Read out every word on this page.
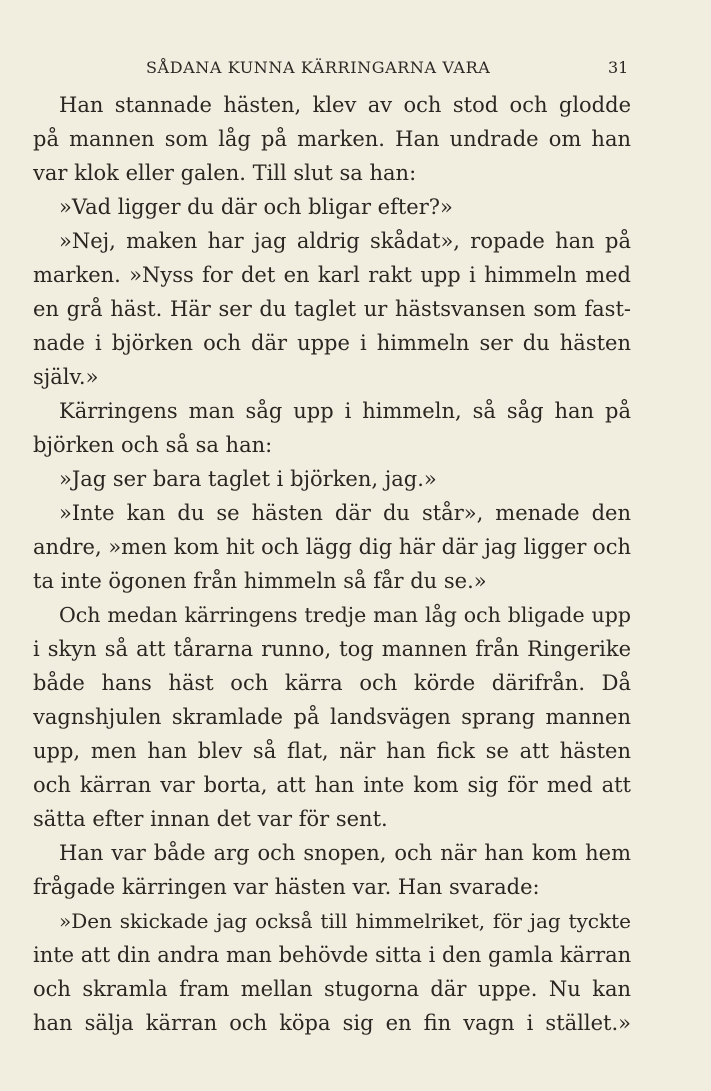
SÅDANA KUNNA KÄRRINGARNA VARA	31
Han stannade hästen, klev av och stod och glodde
på mannen som låg på marken. Han undrade om han
var klok eller galen. Till slut sa han:
»Vad ligger du där och bligar efter?»
»Nej, maken har jag aldrig skådat», ropade han på
marken. »Nyss for det en karl rakt upp i himmeln med
en grå häst. Här ser du taglet ur hästsvansen som fast-
nade i björken och där uppe i himmeln ser du hästen
själv.»
Kärringens man såg upp i himmeln, så såg han på
björken och så sa han:
»Jag ser bara taglet i björken, jag.»
»Inte kan du se hästen där du står», menade den
andre, »men kom hit och lägg dig här där jag ligger och
ta inte ögonen från himmeln så får du se.»
Och medan kärringens tredje man låg och bligade upp
i skyn så att tårarna runno, tog mannen från Ringerike
både hans häst och kärra och körde därifrån. Då
vagnshjulen skramlade på landsvägen sprang mannen
upp, men han blev så flat, när han fick se att hästen
och kärran var borta, att han inte kom sig för med att
sätta efter innan det var för sent.
Han var både arg och snopen, och när han kom hem
frågade kärringen var hästen var. Han svarade:
»Den skickade jag också till himmelriket, för jag tyckte
inte att din andra man behövde sitta i den gamla kärran
och skramla fram mellan stugorna där uppe. Nu kan
han sälja kärran och köpa sig en fin vagn i stället.»
